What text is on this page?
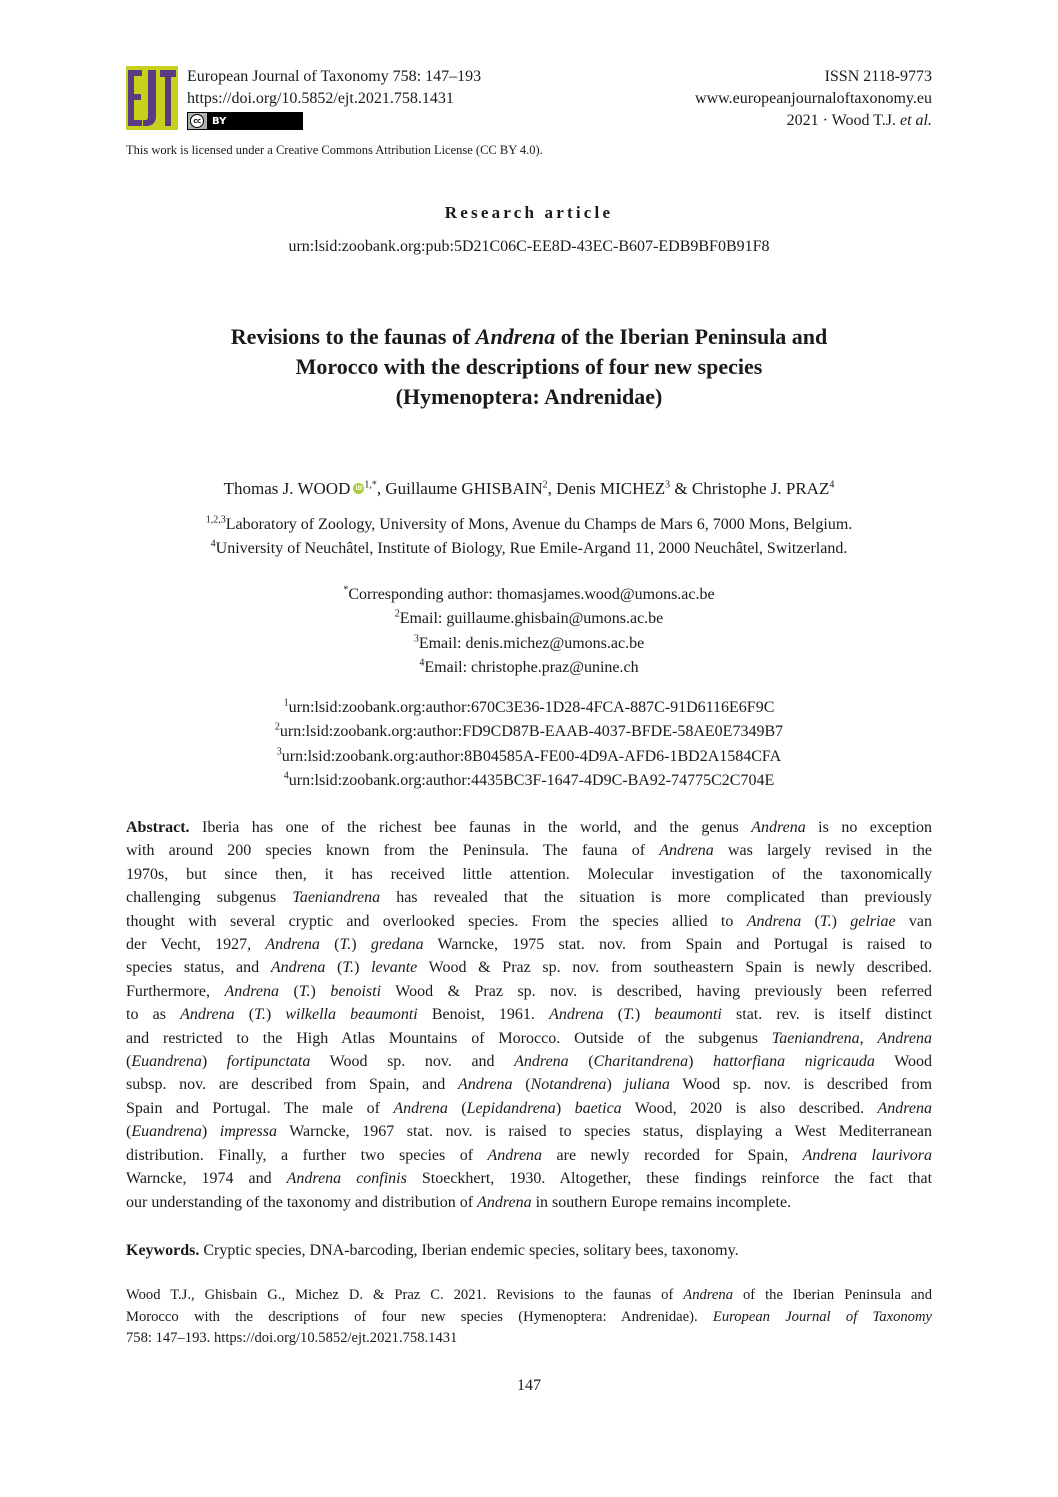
European Journal of Taxonomy 758: 147–193
https://doi.org/10.5852/ejt.2021.758.1431
cc	BY
ISSN 2118-9773
www.europeanjournaloftaxonomy.eu
2021 · Wood T.J. et al.
This work is licensed under a Creative Commons Attribution License (CC BY 4.0).
Research article
urn:lsid:zoobank.org:pub:5D21C06C-EE8D-43EC-B607-EDB9BF0B91F8
Revisions to the faunas of Andrena of the Iberian Peninsula and
Morocco with the descriptions of four new species
(Hymenoptera: Andrenidae)
Thomas J. WOOD iD $^{1,*}$, Guillaume GHISBAIN$^2$, Denis MICHEZ$^3$ & Christophe J. PRAZ$^4$
$^{1,2,3}$Laboratory of Zoology, University of Mons, Avenue du Champs de Mars 6, 7000 Mons, Belgium.
$^4$University of Neuchâtel, Institute of Biology, Rue Emile-Argand 11, 2000 Neuchâtel, Switzerland.
*Corresponding author: thomasjames.wood@umons.ac.be
$^2$Email: guillaume.ghisbain@umons.ac.be
$^3$Email: denis.michez@umons.ac.be
$^4$Email: christophe.praz@unine.ch
$^1$urn:lsid:zoobank.org:author:670C3E36-1D28-4FCA-887C-91D6116E6F9C
$^2$urn:lsid:zoobank.org:author:FD9CD87B-EAAB-4037-BFDE-58AE0E7349B7
$^3$urn:lsid:zoobank.org:author:8B04585A-FE00-4D9A-AFD6-1BD2A1584CFA
$^4$urn:lsid:zoobank.org:author:4435BC3F-1647-4D9C-BA92-74775C2C704E
Abstract. Iberia has one of the richest bee faunas in the world, and the genus Andrena is no exception
with around 200 species known from the Peninsula. The fauna of Andrena was largely revised in the
1970s, but since then, it has received little attention. Molecular investigation of the taxonomically
challenging subgenus Taeniandrena has revealed that the situation is more complicated than previously
thought with several cryptic and overlooked species. From the species allied to Andrena (T.) gelriae van
der Vecht, 1927, Andrena (T.) gredana Warncke, 1975 stat. nov. from Spain and Portugal is raised to
species status, and Andrena (T.) levante Wood & Praz sp. nov. from southeastern Spain is newly described.
Furthermore, Andrena (T.) benoisti Wood & Praz sp. nov. is described, having previously been referred
to as Andrena (T.) wilkella beaumonti Benoist, 1961. Andrena (T.) beaumonti stat. rev. is itself distinct
and restricted to the High Atlas Mountains of Morocco. Outside of the subgenus Taeniandrena, Andrena
(Euandrena) fortipunctata Wood sp. nov. and Andrena (Charitandrena) hattorfiana nigricauda Wood
subsp. nov. are described from Spain, and Andrena (Notandrena) juliana Wood sp. nov. is described from
Spain and Portugal. The male of Andrena (Lepidandrena) baetica Wood, 2020 is also described. Andrena
(Euandrena) impressa Warncke, 1967 stat. nov. is raised to species status, displaying a West Mediterranean
distribution. Finally, a further two species of Andrena are newly recorded for Spain, Andrena laurivora
Warncke, 1974 and Andrena confinis Stoeckhert, 1930. Altogether, these findings reinforce the fact that
our understanding of the taxonomy and distribution of Andrena in southern Europe remains incomplete.
Keywords. Cryptic species, DNA-barcoding, Iberian endemic species, solitary bees, taxonomy.
Wood T.J., Ghisbain G., Michez D. & Praz C. 2021. Revisions to the faunas of Andrena of the Iberian Peninsula and
Morocco with the descriptions of four new species (Hymenoptera: Andrenidae). European Journal of Taxonomy
758: 147–193. https://doi.org/10.5852/ejt.2021.758.1431
147
